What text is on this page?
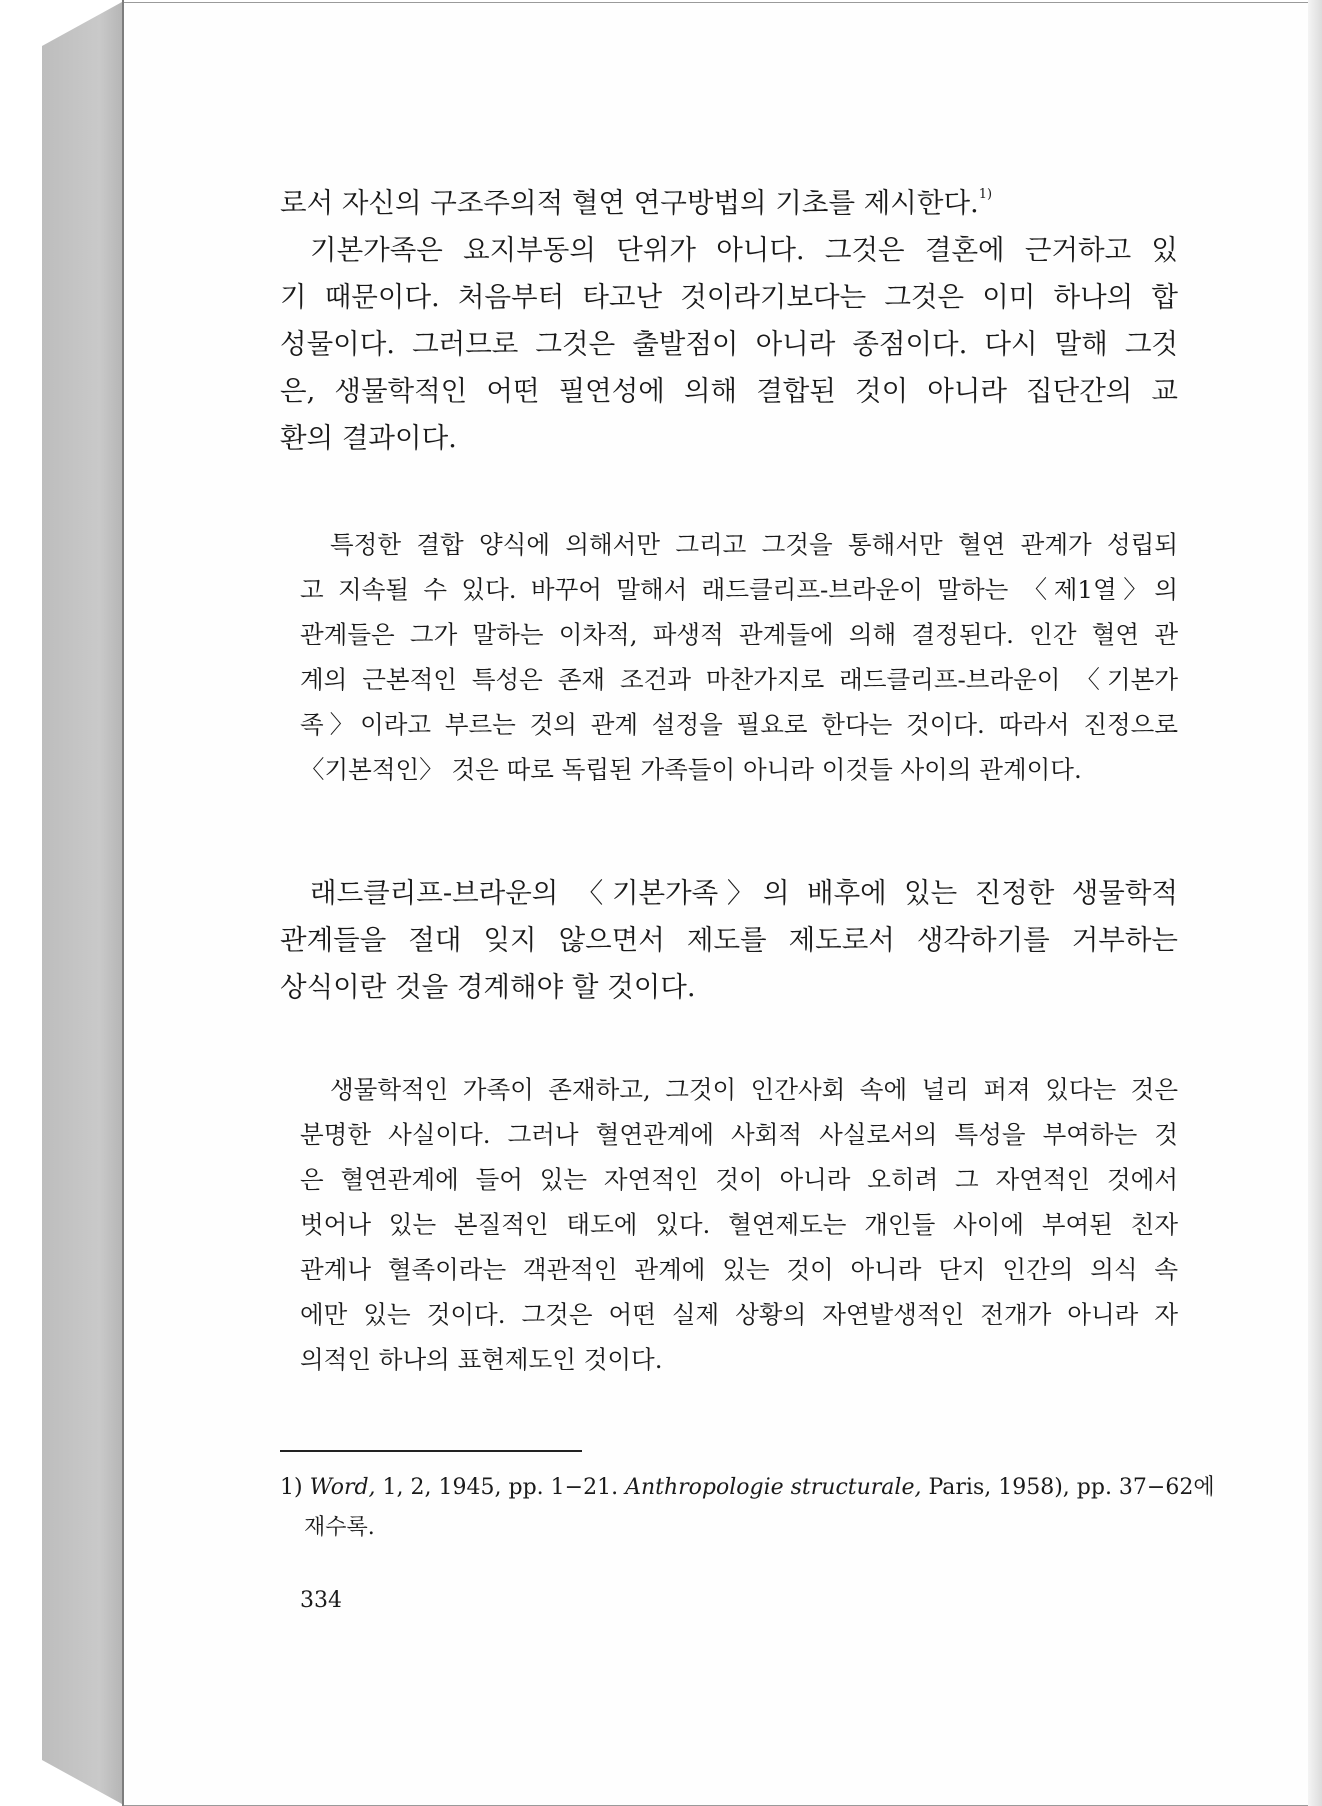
로서 자신의 구조주의적 혈연 연구방법의 기초를 제시한다.$^{1)}$
기본가족은 요지부동의 단위가 아니다. 그것은 결혼에 근거하고 있
기 때문이다. 처음부터 타고난 것이라기보다는 그것은 이미 하나의 합
성물이다. 그러므로 그것은 출발점이 아니라 종점이다. 다시 말해 그것
은, 생물학적인 어떤 필연성에 의해 결합된 것이 아니라 집단간의 교
환의 결과이다.
특정한 결합 양식에 의해서만 그리고 그것을 통해서만 혈연 관계가 성립되
고 지속될 수 있다. 바꾸어 말해서 래드클리프-브라운이 말하는 〈제1열〉의
관계들은 그가 말하는 이차적, 파생적 관계들에 의해 결정된다. 인간 혈연 관
계의 근본적인 특성은 존재 조건과 마찬가지로 래드클리프-브라운이 〈기본가
족〉이라고 부르는 것의 관계 설정을 필요로 한다는 것이다. 따라서 진정으로
〈기본적인〉 것은 따로 독립된 가족들이 아니라 이것들 사이의 관계이다.
래드클리프-브라운의 〈기본가족〉의 배후에 있는 진정한 생물학적
관계들을 절대 잊지 않으면서 제도를 제도로서 생각하기를 거부하는
상식이란 것을 경계해야 할 것이다.
생물학적인 가족이 존재하고, 그것이 인간사회 속에 널리 퍼져 있다는 것은
분명한 사실이다. 그러나 혈연관계에 사회적 사실로서의 특성을 부여하는 것
은 혈연관계에 들어 있는 자연적인 것이 아니라 오히려 그 자연적인 것에서
벗어나 있는 본질적인 태도에 있다. 혈연제도는 개인들 사이에 부여된 친자
관계나 혈족이라는 객관적인 관계에 있는 것이 아니라 단지 인간의 의식 속
에만 있는 것이다. 그것은 어떤 실제 상황의 자연발생적인 전개가 아니라 자
의적인 하나의 표현제도인 것이다.
1) Word, 1, 2, 1945, pp. 1−21. Anthropologie structurale, Paris, 1958), pp. 37−62에
재수록.
334
